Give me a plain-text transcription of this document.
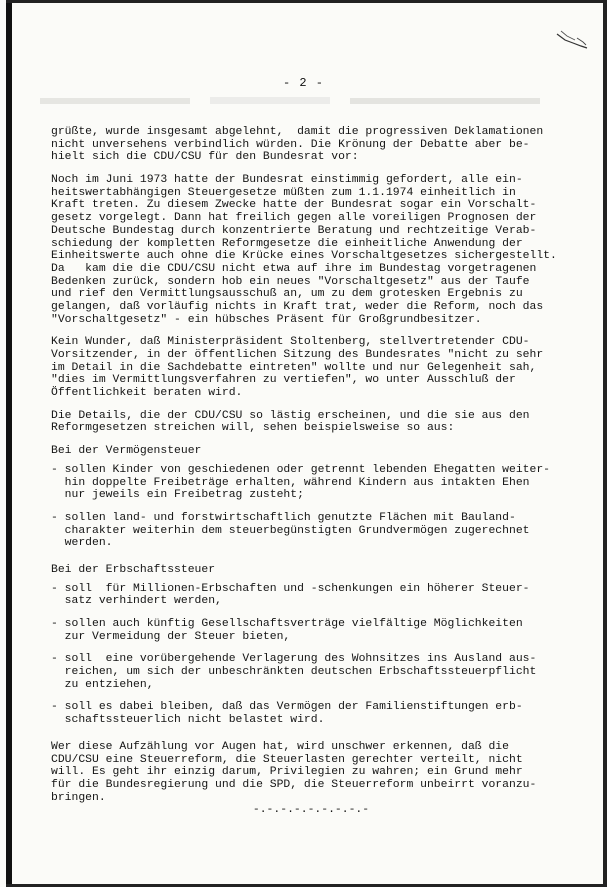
- 2 -
grüßte, wurde insgesamt abgelehnt,  damit die progressiven Deklamationen
nicht unversehens verbindlich würden. Die Krönung der Debatte aber be-
hielt sich die CDU/CSU für den Bundesrat vor:
Noch im Juni 1973 hatte der Bundesrat einstimmig gefordert, alle ein-
heitswertabhängigen Steuergesetze müßten zum 1.1.1974 einheitlich in
Kraft treten. Zu diesem Zwecke hatte der Bundesrat sogar ein Vorschalt-
gesetz vorgelegt. Dann hat freilich gegen alle voreiligen Prognosen der
Deutsche Bundestag durch konzentrierte Beratung und rechtzeitige Verab-
schiedung der kompletten Reformgesetze die einheitliche Anwendung der
Einheitswerte auch ohne die Krücke eines Vorschaltgesetzes sichergestellt.
Da   kam die die CDU/CSU nicht etwa auf ihre im Bundestag vorgetragenen
Bedenken zurück, sondern hob ein neues "Vorschaltgesetz" aus der Taufe
und rief den Vermittlungsausschuß an, um zu dem grotesken Ergebnis zu
gelangen, daß vorläufig nichts in Kraft trat, weder die Reform, noch das
"Vorschaltgesetz" - ein hübsches Präsent für Großgrundbesitzer.
Kein Wunder, daß Ministerpräsident Stoltenberg, stellvertretender CDU-
Vorsitzender, in der öffentlichen Sitzung des Bundesrates "nicht zu sehr
im Detail in die Sachdebatte eintreten" wollte und nur Gelegenheit sah,
"dies im Vermittlungsverfahren zu vertiefen", wo unter Ausschluß der
Öffentlichkeit beraten wird.
Die Details, die der CDU/CSU so lästig erscheinen, und die sie aus den
Reformgesetzen streichen will, sehen beispielsweise so aus:
Bei der Vermögensteuer
- sollen Kinder von geschiedenen oder getrennt lebenden Ehegatten weiter-
hin doppelte Freibeträge erhalten, während Kindern aus intakten Ehen
nur jeweils ein Freibetrag zusteht;
- sollen land- und forstwirtschaftlich genutzte Flächen mit Bauland-
charakter weiterhin dem steuerbegünstigten Grundvermögen zugerechnet
werden.
Bei der Erbschaftssteuer
- soll  für Millionen-Erbschaften und -schenkungen ein höherer Steuer-
satz verhindert werden,
- sollen auch künftig Gesellschaftsverträge vielfältige Möglichkeiten
zur Vermeidung der Steuer bieten,
- soll  eine vorübergehende Verlagerung des Wohnsitzes ins Ausland aus-
reichen, um sich der unbeschränkten deutschen Erbschaftssteuerpflicht
zu entziehen,
- soll es dabei bleiben, daß das Vermögen der Familienstiftungen erb-
schaftssteuerlich nicht belastet wird.
Wer diese Aufzählung vor Augen hat, wird unschwer erkennen, daß die
CDU/CSU eine Steuerreform, die Steuerlasten gerechter verteilt, nicht
will. Es geht ihr einzig darum, Privilegien zu wahren; ein Grund mehr
für die Bundesregierung und die SPD, die Steuerreform unbeirrt voranzu-
bringen.
-.-.-.-.-.-.-.-.-
